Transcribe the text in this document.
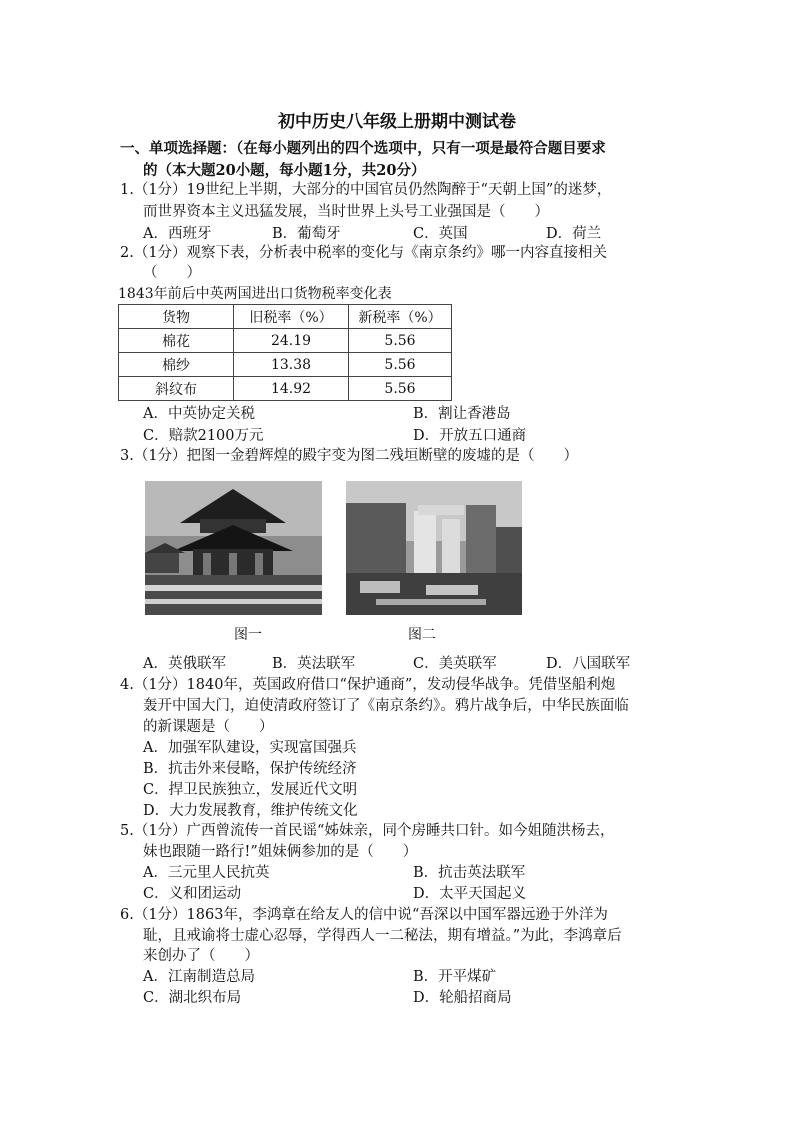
初中历史八年级上册期中测试卷
一、单项选择题：（在每小题列出的四个选项中，只有一项是最符合题目要求
的（本大题20小题，每小题1分，共20分）
1.（1分）19世纪上半期，大部分的中国官员仍然陶醉于“天朝上国”的迷梦，
而世界资本主义迅猛发展，当时世界上头号工业强国是（　　）
A．西班牙	B．葡萄牙	C．英国	D．荷兰
2.（1分）观察下表，分析表中税率的变化与《南京条约》哪一内容直接相关
（　　）
1843年前后中英两国进出口货物税率变化表
货物	旧税率（%）	新税率（%）
棉花	24.19	5.56
棉纱	13.38	5.56
斜纹布	14.92	5.56
A．中英协定关税	B．割让香港岛
C．赔款2100万元	D．开放五口通商
3.（1分）把图一金碧辉煌的殿宇变为图二残垣断壁的废墟的是（　　）
图一	图二
A．英俄联军	B．英法联军	C．美英联军	D．八国联军
4.（1分）1840年，英国政府借口“保护通商”，发动侵华战争。凭借坚船利炮
轰开中国大门，迫使清政府签订了《南京条约》。鸦片战争后，中华民族面临
的新课题是（　　）
A．加强军队建设，实现富国强兵
B．抗击外来侵略，保护传统经济
C．捍卫民族独立，发展近代文明
D．大力发展教育，维护传统文化
5.（1分）广西曾流传一首民谣“姊妹亲，同个房睡共口针。如今姐随洪杨去，
妹也跟随一路行!”姐妹俩参加的是（　　）
A．三元里人民抗英	B．抗击英法联军
C．义和团运动	D．太平天国起义
6.（1分）1863年，李鸿章在给友人的信中说“吾深以中国军器远逊于外洋为
耻，且戒谕将士虚心忍辱，学得西人一二秘法，期有增益。”为此，李鸿章后
来创办了（　　）
A．江南制造总局	B．开平煤矿
C．湖北织布局	D．轮船招商局
